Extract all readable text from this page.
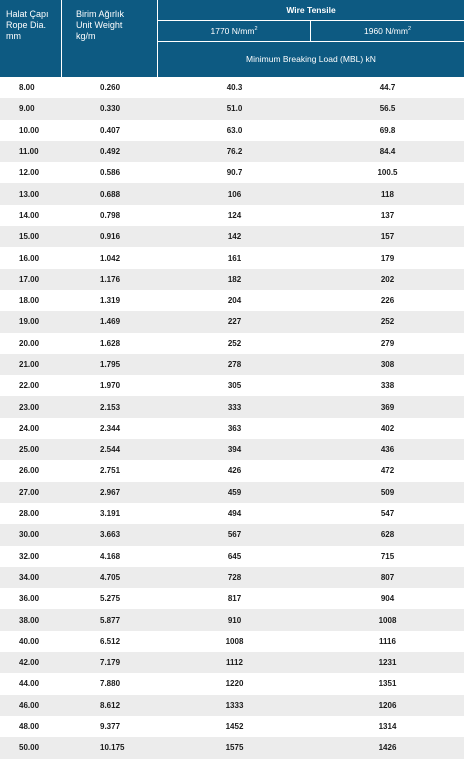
Halat Çapı
Rope Dia.
mm
Birim Ağırlık
Unit Weight
kg/m
Wire Tensile
1770 $N/mm^2$	1960 $N/mm^2$
Minimum Breaking Load (MBL) kN
8.00	0.260	40.3	44.7
9.00	0.330	51.0	56.5
10.00	0.407	63.0	69.8
11.00	0.492	76.2	84.4
12.00	0.586	90.7	100.5
13.00	0.688	106	118
14.00	0.798	124	137
15.00	0.916	142	157
16.00	1.042	161	179
17.00	1.176	182	202
18.00	1.319	204	226
19.00	1.469	227	252
20.00	1.628	252	279
21.00	1.795	278	308
22.00	1.970	305	338
23.00	2.153	333	369
24.00	2.344	363	402
25.00	2.544	394	436
26.00	2.751	426	472
27.00	2.967	459	509
28.00	3.191	494	547
30.00	3.663	567	628
32.00	4.168	645	715
34.00	4.705	728	807
36.00	5.275	817	904
38.00	5.877	910	1008
40.00	6.512	1008	1116
42.00	7.179	1112	1231
44.00	7.880	1220	1351
46.00	8.612	1333	1206
48.00	9.377	1452	1314
50.00	10.175	1575	1426
